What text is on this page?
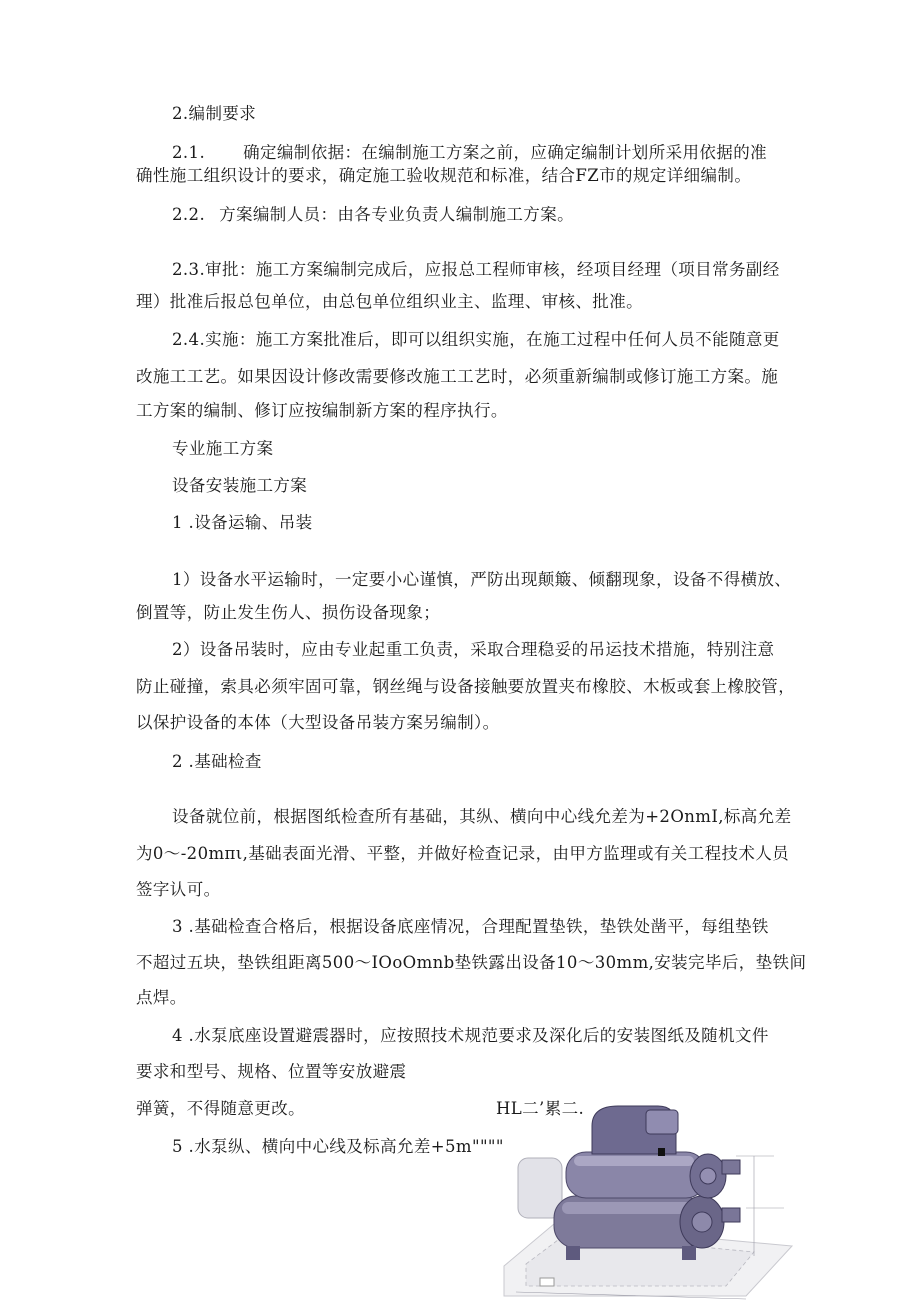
2.编制要求
2.1. 确定编制依据：在编制施工方案之前，应确定编制计划所采用依据的准
确性施工组织设计的要求，确定施工验收规范和标准，结合FZ市的规定详细编制。
2.2. 方案编制人员：由各专业负责人编制施工方案。
2.3.审批：施工方案编制完成后，应报总工程师审核，经项目经理（项目常务副经
理）批准后报总包单位，由总包单位组织业主、监理、审核、批准。
2.4.实施：施工方案批准后，即可以组织实施，在施工过程中任何人员不能随意更
改施工工艺。如果因设计修改需要修改施工工艺时，必须重新编制或修订施工方案。施
工方案的编制、修订应按编制新方案的程序执行。
专业施工方案
设备安装施工方案
1 .设备运输、吊装
1）设备水平运输时，一定要小心谨慎，严防出现颠簸、倾翻现象，设备不得横放、
倒置等，防止发生伤人、损伤设备现象；
2）设备吊装时，应由专业起重工负责，采取合理稳妥的吊运技术措施，特别注意
防止碰撞，索具必须牢固可靠，钢丝绳与设备接触要放置夹布橡胶、木板或套上橡胶管，
以保护设备的本体（大型设备吊装方案另编制）。
2 .基础检查
设备就位前，根据图纸检查所有基础，其纵、横向中心线允差为+2OnmI,标高允差
为0～-20mπι,基础表面光滑、平整，并做好检查记录，由甲方监理或有关工程技术人员
签字认可。
3 .基础检查合格后，根据设备底座情况，合理配置垫铁，垫铁处凿平，每组垫铁
不超过五块，垫铁组距离500～IOoOmnb垫铁露出设备10～30mm,安装完毕后，垫铁间
点焊。
4 .水泵底座设置避震器时，应按照技术规范要求及深化后的安装图纸及随机文件
要求和型号、规格、位置等安放避震
弹簧，不得随意更改。	HL二’累二.
5 .水泵纵、横向中心线及标高允差+5m""""
